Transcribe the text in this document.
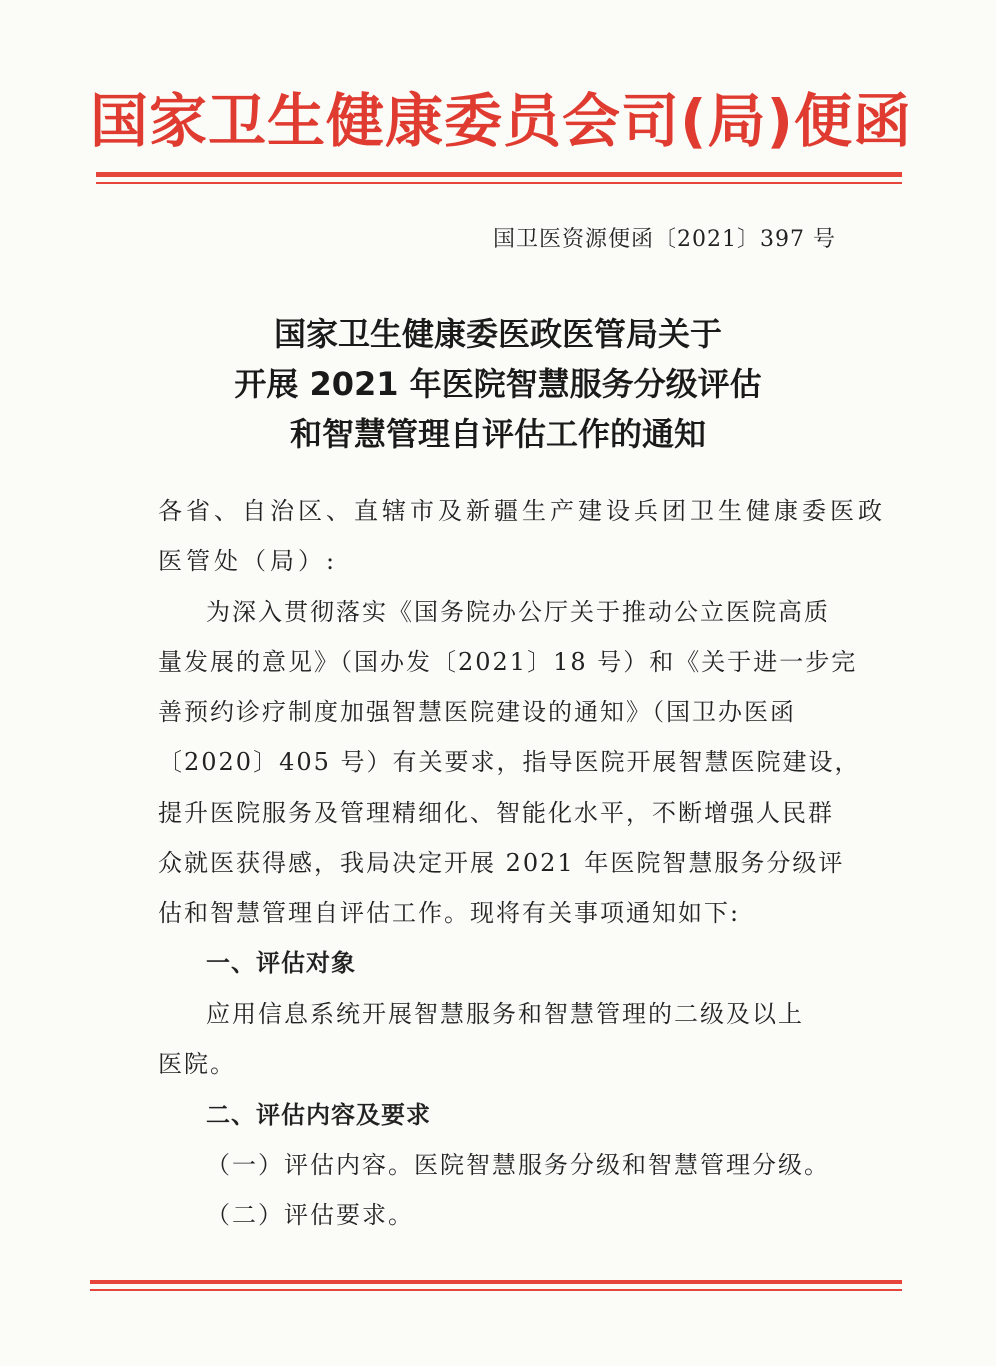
国家卫生健康委员会司(局)便函
国卫医资源便函〔2021〕397 号
国家卫生健康委医政医管局关于
开展 2021 年医院智慧服务分级评估
和智慧管理自评估工作的通知
各省、自治区、直辖市及新疆生产建设兵团卫生健康委医政
医管处（局）:
为深入贯彻落实《国务院办公厅关于推动公立医院高质
量发展的意见》（国办发〔2021〕18 号）和《关于进一步完
善预约诊疗制度加强智慧医院建设的通知》（国卫办医函
〔2020〕405 号）有关要求，指导医院开展智慧医院建设，
提升医院服务及管理精细化、智能化水平，不断增强人民群
众就医获得感，我局决定开展 2021 年医院智慧服务分级评
估和智慧管理自评估工作。现将有关事项通知如下:
一、评估对象
应用信息系统开展智慧服务和智慧管理的二级及以上
医院。
二、评估内容及要求
（一）评估内容。医院智慧服务分级和智慧管理分级。
（二）评估要求。
